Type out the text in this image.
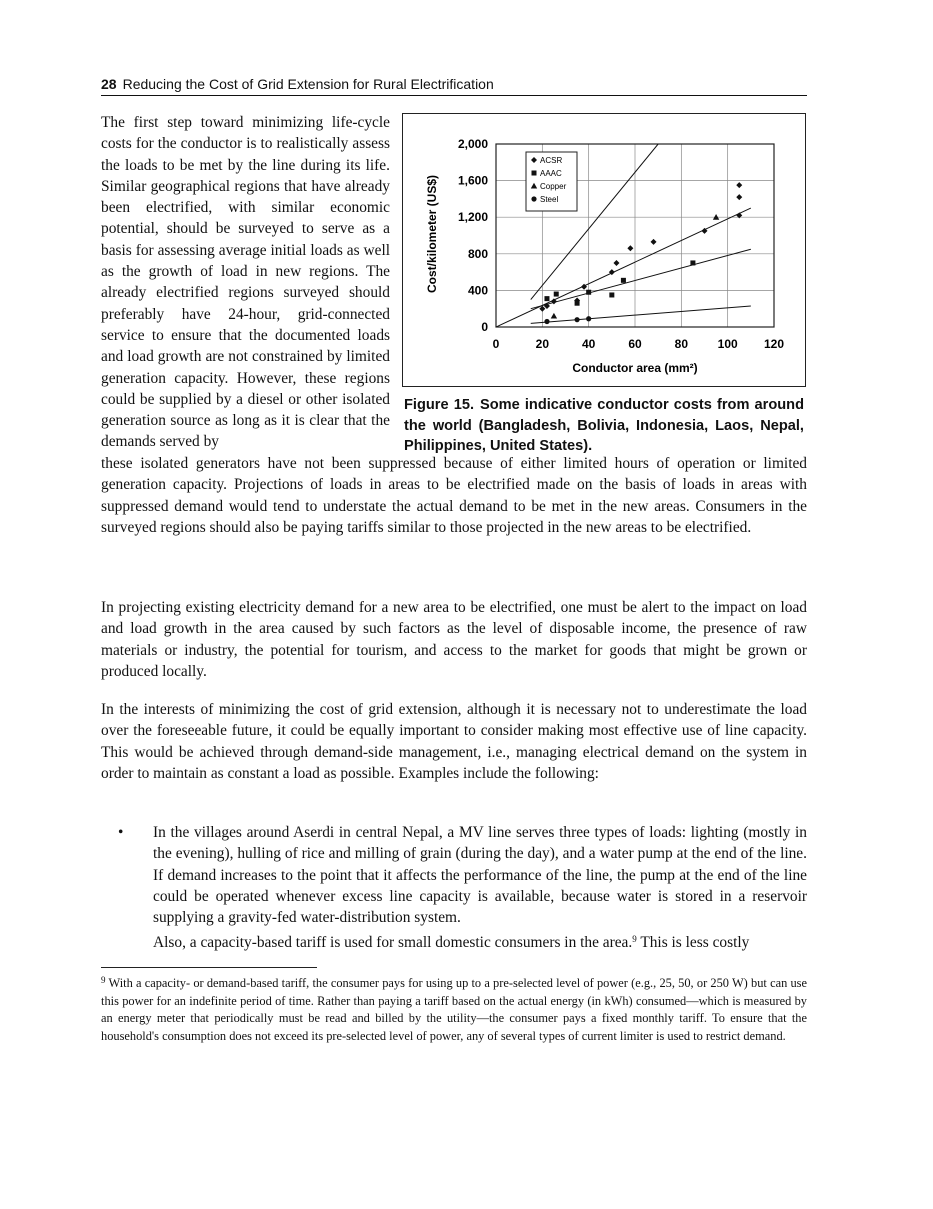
28 Reducing the Cost of Grid Extension for Rural Electrification

The first step toward minimizing life-cycle costs for the conductor is to realistically assess the loads to be met by the line during its life. Similar geographical regions that have already been electrified, with similar economic potential, should be surveyed to serve as a basis for assessing average initial loads as well as the growth of load in new regions. The already electrified regions surveyed should preferably have 24-hour, grid-connected service to ensure that the documented loads and load growth are not constrained by limited generation capacity. However, these regions could be supplied by a diesel or other isolated generation source as long as it is clear that the demands served by

0	20	40	60	80 100 120
0
400
800
1,200
1,600
2,000
Cost/kilometer (US$)
Conductor area (mm²)
ACSR
AAAC
Copper
Steel
Figure 15. Some indicative conductor costs from around the world (Bangladesh, Bolivia, Indonesia, Laos, Nepal, Philippines, United States).

these isolated generators have not been suppressed because of either limited hours of operation or limited generation capacity. Projections of loads in areas to be electrified made on the basis of loads in areas with suppressed demand would tend to understate the actual demand to be met in the new areas. Consumers in the surveyed regions should also be paying tariffs similar to those projected in the new areas to be electrified.

In projecting existing electricity demand for a new area to be electrified, one must be alert to the impact on load and load growth in the area caused by such factors as the level of disposable income, the presence of raw materials or industry, the potential for tourism, and access to the market for goods that might be grown or produced locally.

In the interests of minimizing the cost of grid extension, although it is necessary not to underestimate the load over the foreseeable future, it could be equally important to consider making most effective use of line capacity. This would be achieved through demand-side management, i.e., managing electrical demand on the system in order to maintain as constant a load as possible. Examples include the following:

• In the villages around Aserdi in central Nepal, a MV line serves three types of loads: lighting (mostly in the evening), hulling of rice and milling of grain (during the day), and a water pump at the end of the line. If demand increases to the point that it affects the performance of the line, the pump at the end of the line could be operated whenever excess line capacity is available, because water is stored in a reservoir supplying a gravity-fed water-distribution system.
Also, a capacity-based tariff is used for small domestic consumers in the area.$^9$ This is less costly
$^9$ With a capacity- or demand-based tariff, the consumer pays for using up to a pre-selected level of power (e.g., 25, 50, or 250 W) but can use this power for an indefinite period of time. Rather than paying a tariff based on the actual energy (in kWh) consumed—which is measured by an energy meter that periodically must be read and billed by the utility—the consumer pays a fixed monthly tariff. To ensure that the household's consumption does not exceed its pre-selected level of power, any of several types of current limiter is used to restrict demand.
